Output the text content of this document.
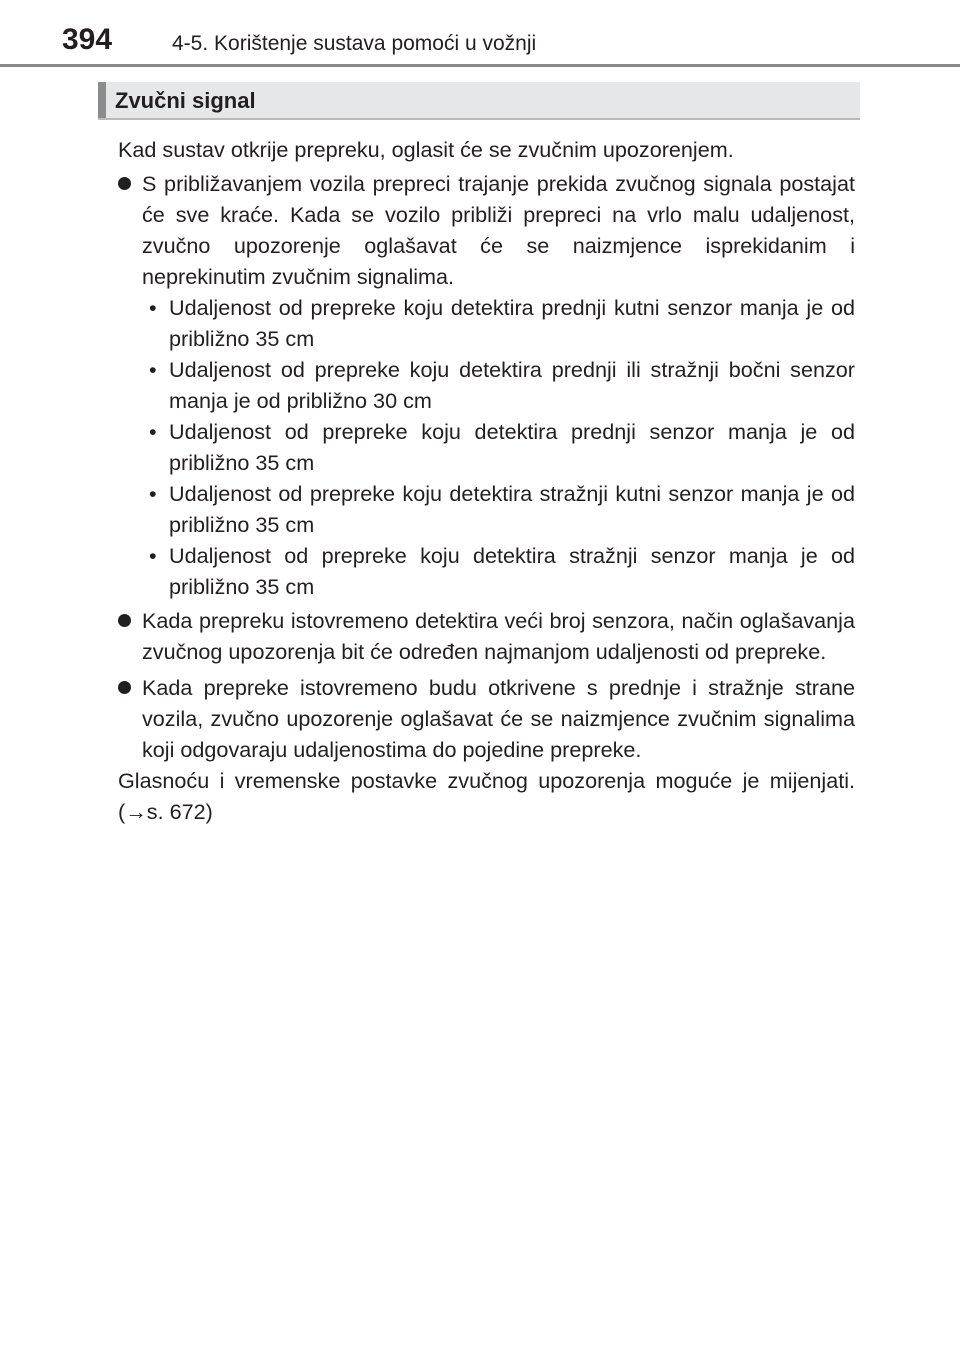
394	4-5. Korištenje sustava pomoći u vožnji
Zvučni signal

Kad sustav otkrije prepreku, oglasit će se zvučnim upozorenjem.

S približavanjem vozila prepreci trajanje prekida zvučnog signala postajat će sve kraće. Kada se vozilo približi prepreci na vrlo malu udaljenost, zvučno upozorenje oglašavat će se naizmjence isprekidanim i neprekinutim zvučnim signalima.

• Udaljenost od prepreke koju detektira prednji kutni senzor manja je od približno 35 cm
• Udaljenost od prepreke koju detektira prednji ili stražnji bočni senzor manja je od približno 30 cm
• Udaljenost od prepreke koju detektira prednji senzor manja je od približno 35 cm
• Udaljenost od prepreke koju detektira stražnji kutni senzor manja je od približno 35 cm
• Udaljenost od prepreke koju detektira stražnji senzor manja je od približno 35 cm

Kada prepreku istovremeno detektira veći broj senzora, način oglašavanja zvučnog upozorenja bit će određen najmanjom udaljenosti od prepreke.

Kada prepreke istovremeno budu otkrivene s prednje i stražnje strane vozila, zvučno upozorenje oglašavat će se naizmjence zvučnim signalima koji odgovaraju udaljenostima do pojedine prepreke.

Glasnoću i vremenske postavke zvučnog upozorenja moguće je mijenjati. (→s. 672)
